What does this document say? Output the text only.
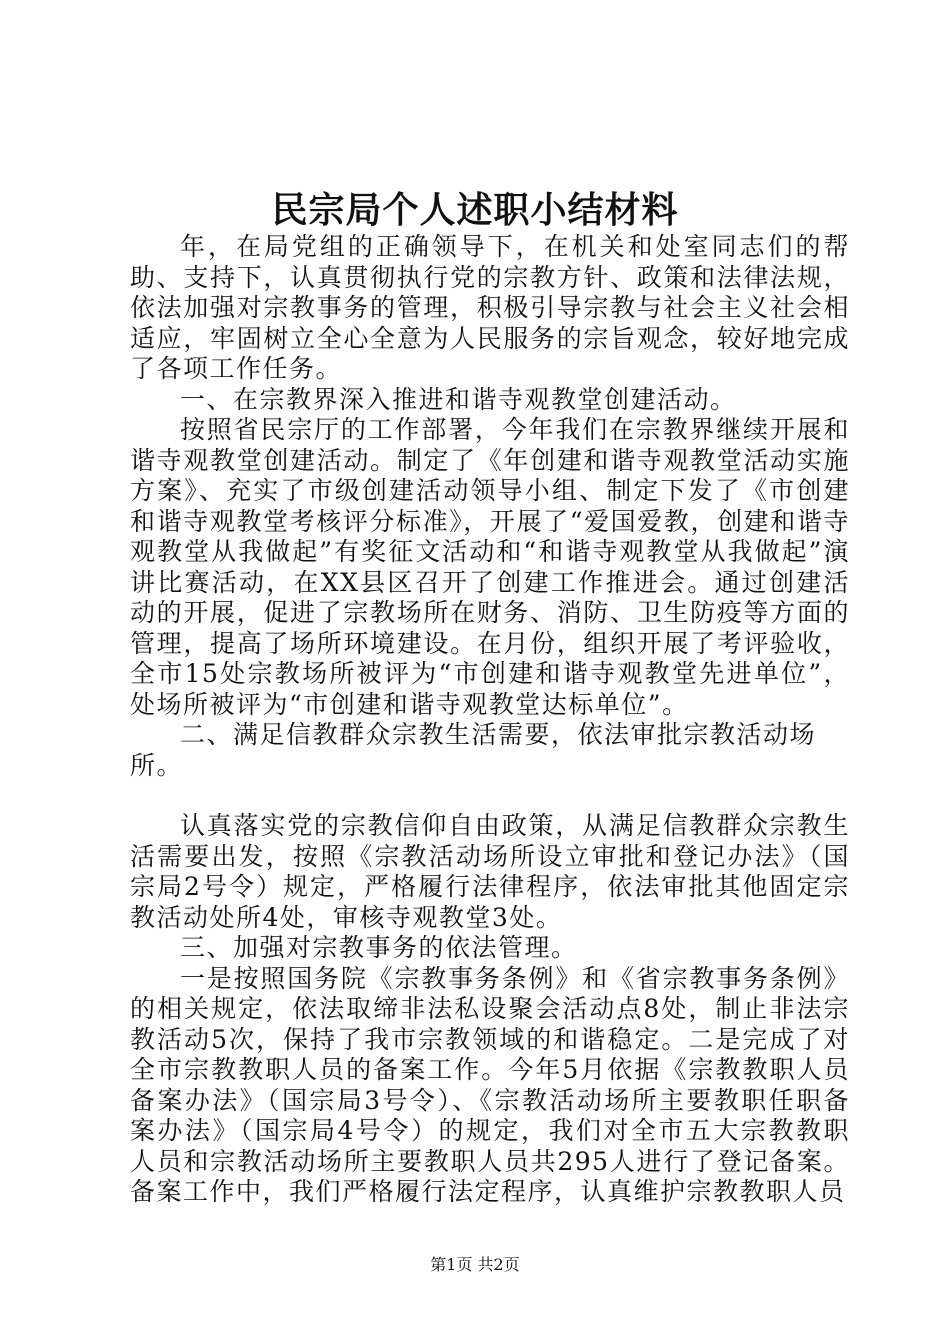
民宗局个人述职小结材料

年，在局党组的正确领导下，在机关和处室同志们的帮助、支持下，认真贯彻执行党的宗教方针、政策和法律法规，依法加强对宗教事务的管理，积极引导宗教与社会主义社会相适应，牢固树立全心全意为人民服务的宗旨观念，较好地完成了各项工作任务。

一、在宗教界深入推进和谐寺观教堂创建活动。

按照省民宗厅的工作部署，今年我们在宗教界继续开展和谐寺观教堂创建活动。制定了《年创建和谐寺观教堂活动实施方案》、充实了市级创建活动领导小组、制定下发了《市创建和谐寺观教堂考核评分标准》，开展了“爱国爱教，创建和谐寺观教堂从我做起”有奖征文活动和“和谐寺观教堂从我做起”演讲比赛活动，在XX县区召开了创建工作推进会。通过创建活动的开展，促进了宗教场所在财务、消防、卫生防疫等方面的管理，提高了场所环境建设。在月份，组织开展了考评验收，全市15处宗教场所被评为“市创建和谐寺观教堂先进单位”，处场所被评为“市创建和谐寺观教堂达标单位”。

二、满足信教群众宗教生活需要，依法审批宗教活动场所。

认真落实党的宗教信仰自由政策，从满足信教群众宗教生活需要出发，按照《宗教活动场所设立审批和登记办法》（国宗局2号令）规定，严格履行法律程序，依法审批其他固定宗教活动处所4处，审核寺观教堂3处。

三、加强对宗教事务的依法管理。

一是按照国务院《宗教事务条例》和《省宗教事务条例》的相关规定，依法取缔非法私设聚会活动点8处，制止非法宗教活动5次，保持了我市宗教领域的和谐稳定。二是完成了对全市宗教教职人员的备案工作。今年5月依据《宗教教职人员备案办法》（国宗局3号令）、《宗教活动场所主要教职任职备案办法》（国宗局4号令）的规定，我们对全市五大宗教教职人员和宗教活动场所主要教职人员共295人进行了登记备案。备案工作中，我们严格履行法定程序，认真维护宗教教职人员

第1页 共2页
